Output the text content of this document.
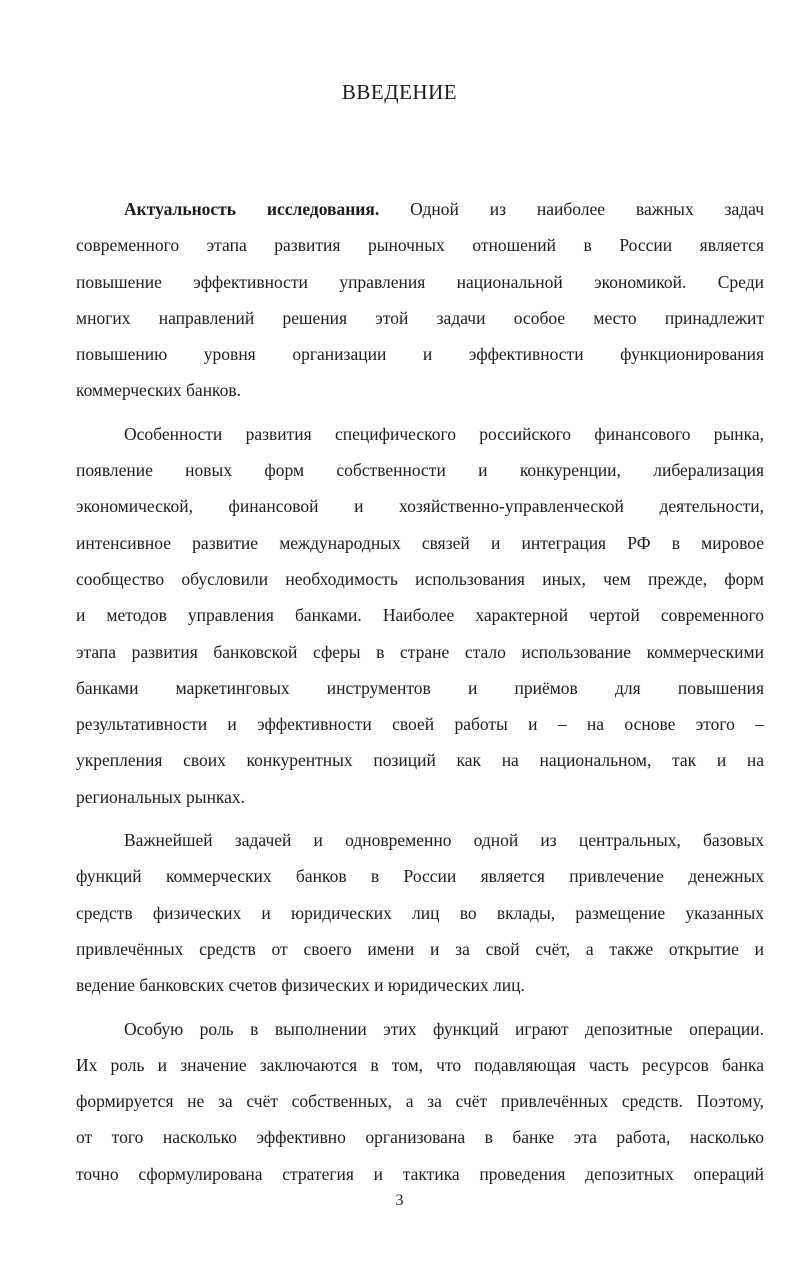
ВВЕДЕНИЕ
Актуальность исследования. Одной из наиболее важных задач
современного этапа развития рыночных отношений в России является
повышение эффективности управления национальной экономикой. Среди
многих направлений решения этой задачи особое место принадлежит
повышению уровня организации и эффективности функционирования
коммерческих банков.
Особенности развития специфического российского финансового рынка,
появление новых форм собственности и конкуренции, либерализация
экономической, финансовой и хозяйственно-управленческой деятельности,
интенсивное развитие международных связей и интеграция РФ в мировое
сообщество обусловили необходимость использования иных, чем прежде, форм
и методов управления банками. Наиболее характерной чертой современного
этапа развития банковской сферы в стране стало использование коммерческими
банками маркетинговых инструментов и приёмов для повышения
результативности и эффективности своей работы и – на основе этого –
укрепления своих конкурентных позиций как на национальном, так и на
региональных рынках.
Важнейшей задачей и одновременно одной из центральных, базовых
функций коммерческих банков в России является привлечение денежных
средств физических и юридических лиц во вклады, размещение указанных
привлечённых средств от своего имени и за свой счёт, а также открытие и
ведение банковских счетов физических и юридических лиц.
Особую роль в выполнении этих функций играют депозитные операции.
Их роль и значение заключаются в том, что подавляющая часть ресурсов банка
формируется не за счёт собственных, а за счёт привлечённых средств. Поэтому,
от того насколько эффективно организована в банке эта работа, насколько
точно сформулирована стратегия и тактика проведения депозитных операций
3
